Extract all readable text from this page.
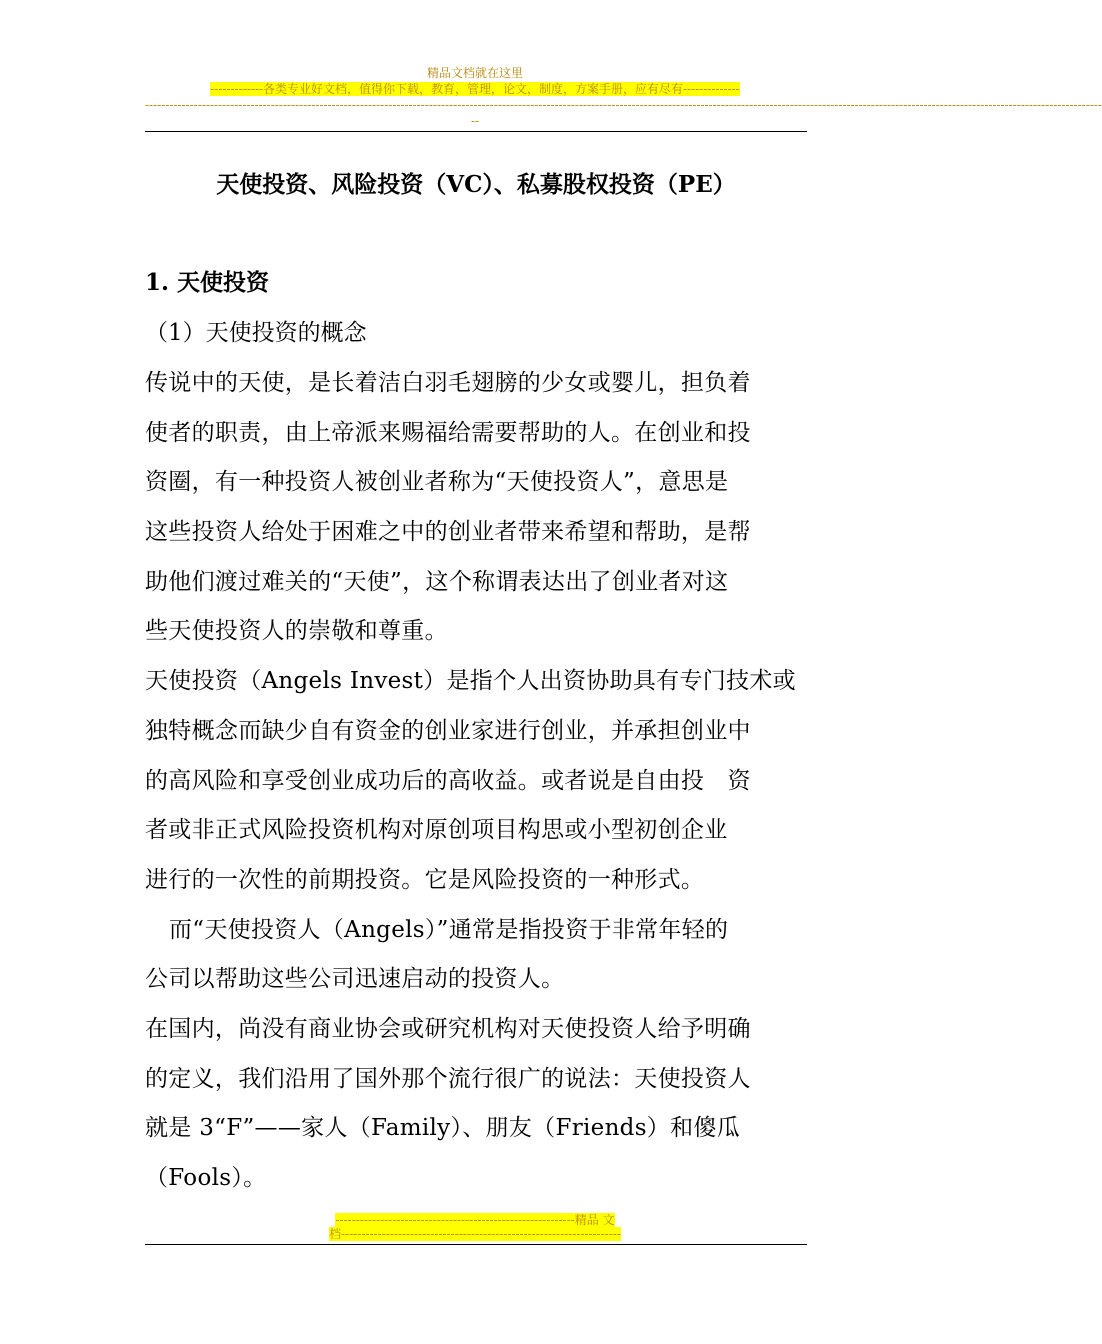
精品文档就在这里
-------------各类专业好文档，值得你下载，教育，管理，论文，制度，方案手册，应有尽有--------------
--------------------------------------------------------------------------------------------------------------------------------------------------------------------------------------------------------------------------------------------
--
天使投资、风险投资（VC）、私募股权投资（PE）
1. 天使投资
（1）天使投资的概念
传说中的天使，是长着洁白羽毛翅膀的少女或婴儿，担负着
使者的职责，由上帝派来赐福给需要帮助的人。在创业和投
资圈，有一种投资人被创业者称为“天使投资人”，意思是
这些投资人给处于困难之中的创业者带来希望和帮助，是帮
助他们渡过难关的“天使”，这个称谓表达出了创业者对这
些天使投资人的崇敬和尊重。
天使投资（Angels Invest）是指个人出资协助具有专门技术或
独特概念而缺少自有资金的创业家进行创业，并承担创业中
的高风险和享受创业成功后的高收益。或者说是自由投　资
者或非正式风险投资机构对原创项目构思或小型初创企业
进行的一次性的前期投资。它是风险投资的一种形式。
而“天使投资人（Angels）”通常是指投资于非常年轻的
公司以帮助这些公司迅速启动的投资人。
在国内，尚没有商业协会或研究机构对天使投资人给予明确
的定义，我们沿用了国外那个流行很广的说法：天使投资人
就是 3“F”——家人（Family）、朋友（Friends）和傻瓜
（Fools）。
-----------------------------------------------------------精品 文
档---------------------------------------------------------------------
